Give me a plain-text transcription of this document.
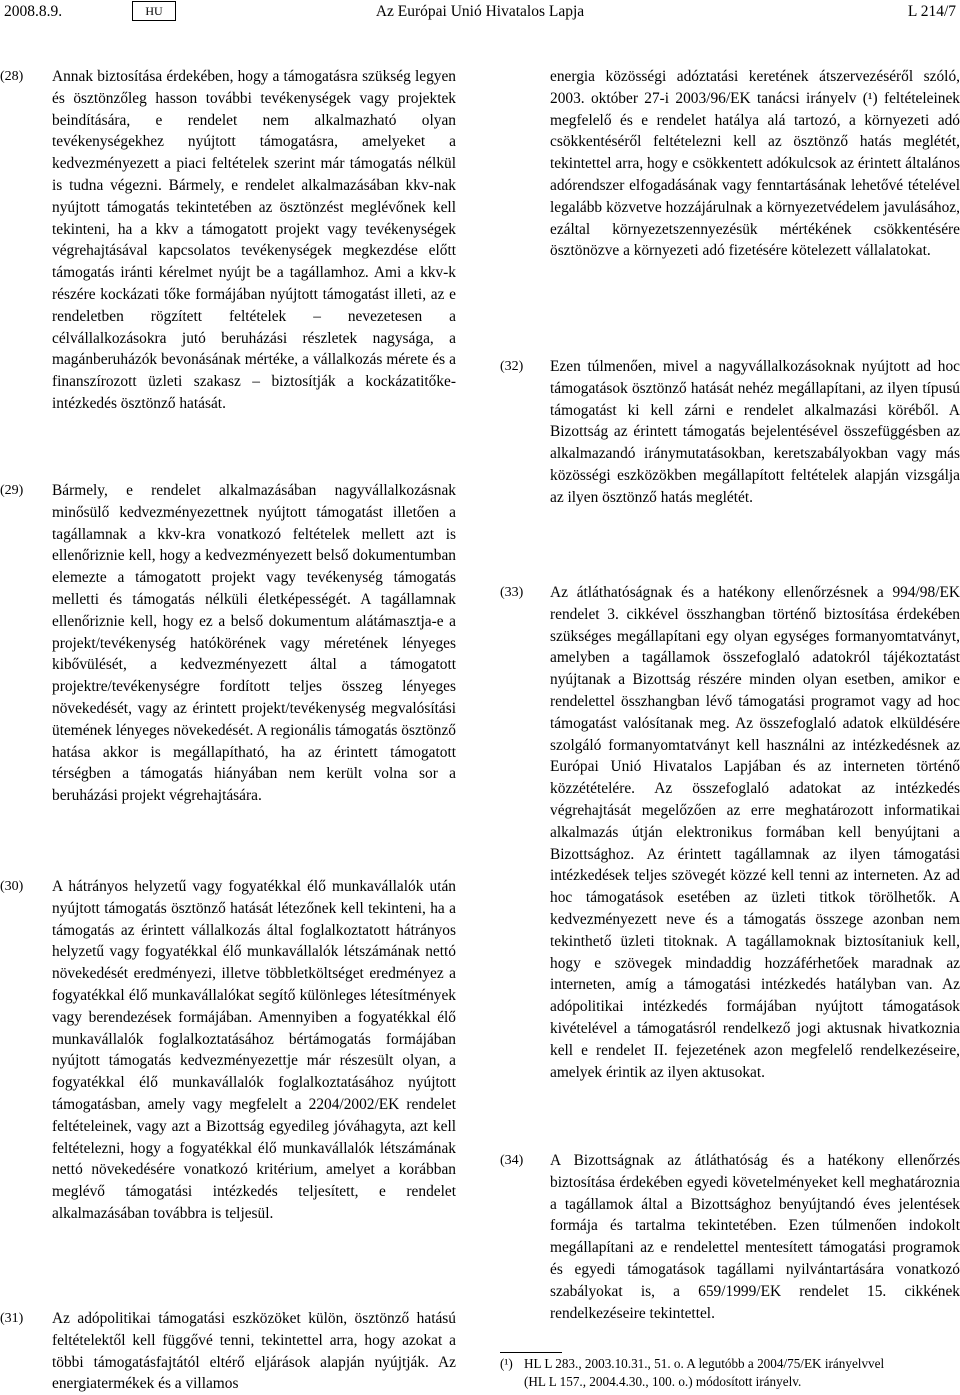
2008.8.9.	HU	Az Európai Unió Hivatalos Lapja	L 214/7
(28)	Annak biztosítása érdekében, hogy a támogatásra szükség legyen és ösztönzőleg hasson további tevékenységek vagy projektek beindítására, e rendelet nem alkalmazható olyan tevékenységekhez nyújtott támogatásra, amelyeket a kedvezményezett a piaci feltételek szerint már támogatás nélkül is tudna végezni. Bármely, e rendelet alkalmazásában kkv-nak nyújtott támogatás tekintetében az ösztönzést meglévőnek kell tekinteni, ha a kkv a támogatott projekt vagy tevékenységek végrehajtásával kapcsolatos tevékenységek megkezdése előtt támogatás iránti kérelmet nyújt be a tagállamhoz. Ami a kkv-k részére kockázati tőke formájában nyújtott támogatást illeti, az e rendeletben rögzített feltételek – nevezetesen a célvállalkozásokra jutó beruházási részletek nagysága, a magánberuházók bevonásának mértéke, a vállalkozás mérete és a finanszírozott üzleti szakasz – biztosítják a kockázatitőke-intézkedés ösztönző hatását.
(29)	Bármely, e rendelet alkalmazásában nagyvállalkozásnak minősülő kedvezményezettnek nyújtott támogatást illetően a tagállamnak a kkv-kra vonatkozó feltételek mellett azt is ellenőriznie kell, hogy a kedvezményezett belső dokumentumban elemezte a támogatott projekt vagy tevékenység támogatás melletti és támogatás nélküli életképességét. A tagállamnak ellenőriznie kell, hogy ez a belső dokumentum alátámasztja-e a projekt/tevékenység hatókörének vagy méretének lényeges kibővülését, a kedvezményezett által a támogatott projektre/tevékenységre fordított teljes összeg lényeges növekedését, vagy az érintett projekt/tevékenység megvalósítási ütemének lényeges növekedését. A regionális támogatás ösztönző hatása akkor is megállapítható, ha az érintett támogatott térségben a támogatás hiányában nem került volna sor a beruházási projekt végrehajtására.
(30)	A hátrányos helyzetű vagy fogyatékkal élő munkavállalók után nyújtott támogatás ösztönző hatását létezőnek kell tekinteni, ha a támogatás az érintett vállalkozás által foglalkoztatott hátrányos helyzetű vagy fogyatékkal élő munkavállalók létszámának nettó növekedését eredményezi, illetve többletköltséget eredményez a fogyatékkal élő munkavállalókat segítő különleges létesítmények vagy berendezések formájában. Amennyiben a fogyatékkal élő munkavállalók foglalkoztatásához bértámogatás formájában nyújtott támogatás kedvezményezettje már részesült olyan, a fogyatékkal élő munkavállalók foglalkoztatásához nyújtott támogatásban, amely vagy megfelelt a 2204/2002/EK rendelet feltételeinek, vagy azt a Bizottság egyedileg jóváhagyta, azt kell feltételezni, hogy a fogyatékkal élő munkavállalók létszámának nettó növekedésére vonatkozó kritérium, amelyet a korábban meglévő támogatási intézkedés teljesített, e rendelet alkalmazásában továbbra is teljesül.
(31)	Az adópolitikai támogatási eszközöket külön, ösztönző hatású feltételektől kell függővé tenni, tekintettel arra, hogy azokat a többi támogatásfajtától eltérő eljárások alapján nyújtják. Az energiatermékek és a villamos
energia közösségi adóztatási keretének átszervezéséről szóló, 2003. október 27-i 2003/96/EK tanácsi irányelv (¹) feltételeinek megfelelő és e rendelet hatálya alá tartozó, a környezeti adó csökkentéséről feltételezni kell az ösztönző hatás meglétét, tekintettel arra, hogy e csökkentett adókulcsok az érintett általános adórendszer elfogadásának vagy fenntartásának lehetővé tételével legalább közvetve hozzájárulnak a környezetvédelem javulásához, ezáltal környezetszennyezésük mértékének csökkentésére ösztönözve a környezeti adó fizetésére kötelezett vállalatokat.
(32)	Ezen túlmenően, mivel a nagyvállalkozásoknak nyújtott ad hoc támogatások ösztönző hatását nehéz megállapítani, az ilyen típusú támogatást ki kell zárni e rendelet alkalmazási köréből. A Bizottság az érintett támogatás bejelentésével összefüggésben az alkalmazandó iránymutatásokban, keretszabályokban vagy más közösségi eszközökben megállapított feltételek alapján vizsgálja az ilyen ösztönző hatás meglétét.
(33)	Az átláthatóságnak és a hatékony ellenőrzésnek a 994/98/EK rendelet 3. cikkével összhangban történő biztosítása érdekében szükséges megállapítani egy olyan egységes formanyomtatványt, amelyben a tagállamok összefoglaló adatokról tájékoztatást nyújtanak a Bizottság részére minden olyan esetben, amikor e rendelettel összhangban lévő támogatási programot vagy ad hoc támogatást valósítanak meg. Az összefoglaló adatok elküldésére szolgáló formanyomtatványt kell használni az intézkedésnek az Európai Unió Hivatalos Lapjában és az interneten történő közzétételére. Az összefoglaló adatokat az intézkedés végrehajtását megelőzően az erre meghatározott informatikai alkalmazás útján elektronikus formában kell benyújtani a Bizottsághoz. Az érintett tagállamnak az ilyen támogatási intézkedések teljes szövegét közzé kell tenni az interneten. Az ad hoc támogatások esetében az üzleti titkok törölhetők. A kedvezményezett neve és a támogatás összege azonban nem tekinthető üzleti titoknak. A tagállamoknak biztosítaniuk kell, hogy e szövegek mindaddig hozzáférhetőek maradnak az interneten, amíg a támogatási intézkedés hatályban van. Az adópolitikai intézkedés formájában nyújtott támogatások kivételével a támogatásról rendelkező jogi aktusnak hivatkoznia kell e rendelet II. fejezetének azon megfelelő rendelkezéseire, amelyek érintik az ilyen aktusokat.
(34)	A Bizottságnak az átláthatóság és a hatékony ellenőrzés biztosítása érdekében egyedi követelményeket kell meghatároznia a tagállamok által a Bizottsághoz benyújtandó éves jelentések formája és tartalma tekintetében. Ezen túlmenően indokolt megállapítani az e rendelettel mentesített támogatási programok és egyedi támogatások tagállami nyilvántartására vonatkozó szabályokat is, a 659/1999/EK rendelet 15. cikkének rendelkezéseire tekintettel.
(¹) HL L 283., 2003.10.31., 51. o. A legutóbb a 2004/75/EK irányelvvel
(HL L 157., 2004.4.30., 100. o.) módosított irányelv.
